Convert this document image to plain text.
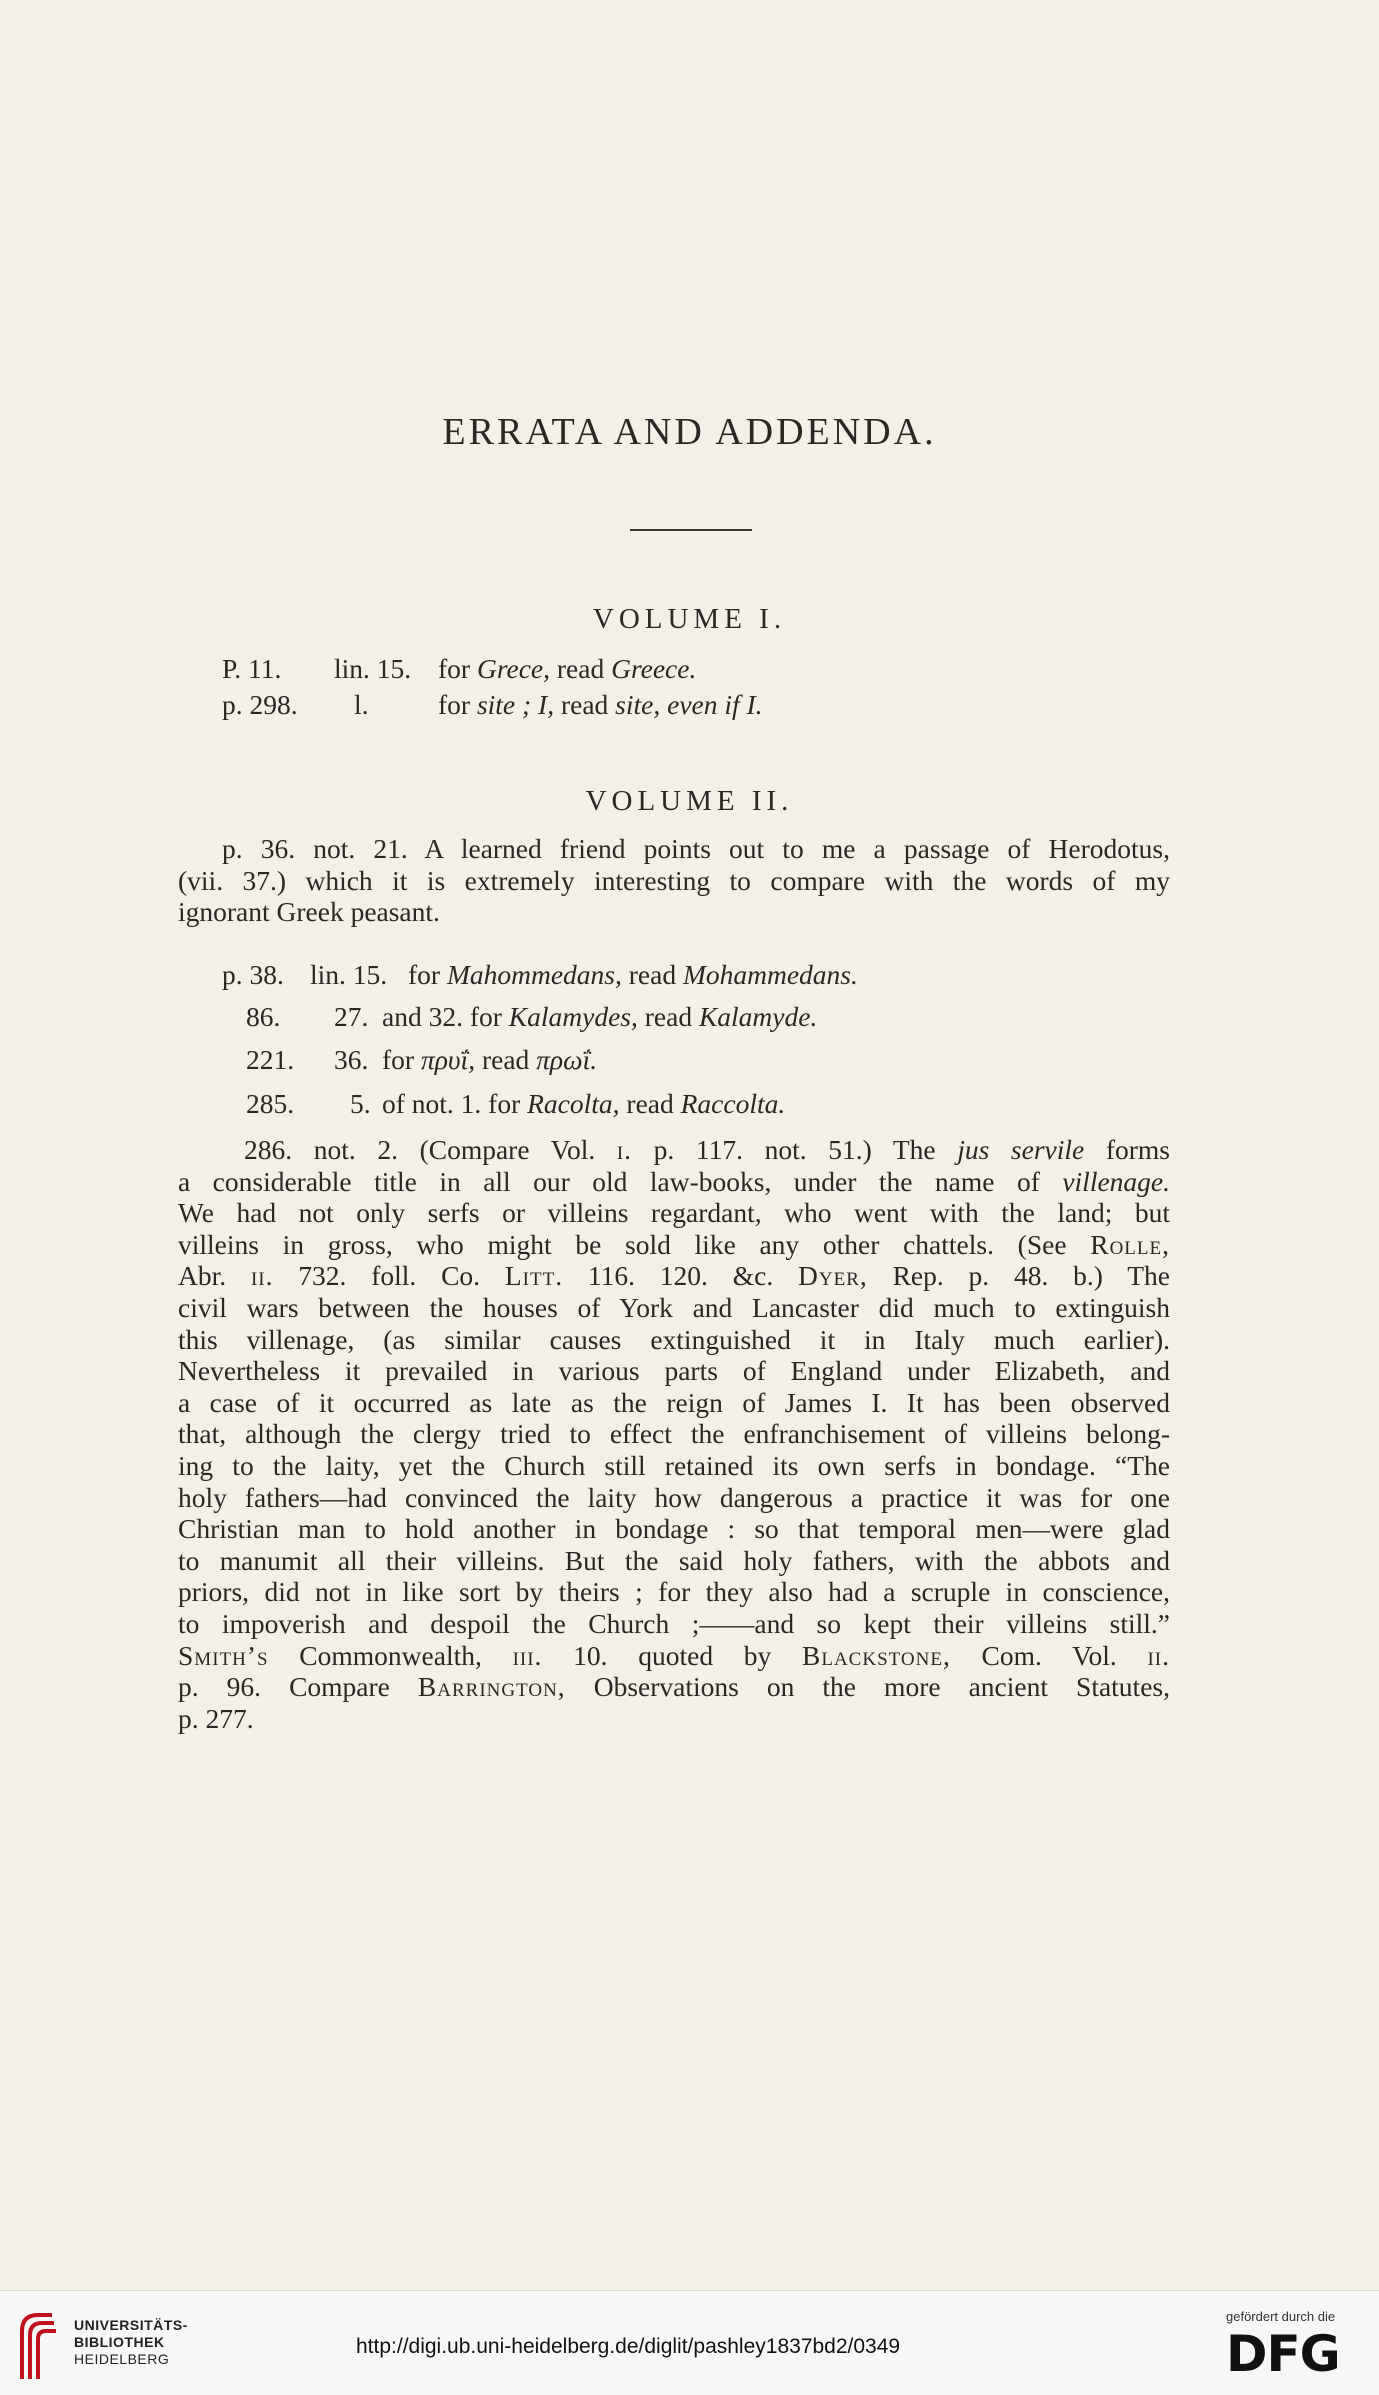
ERRATA AND ADDENDA.
VOLUME I.
P. 11. lin. 15. for Grece, read Greece.
p. 298. l.	for site ; I, read site, even if I.
VOLUME II.
p. 36. not. 21. A learned friend points out to me a passage of Herodotus,
(vii. 37.) which it is extremely interesting to compare with the words of my
ignorant Greek peasant.
p. 38. lin. 15. for Mahommedans, read Mohammedans.
86. 27. and 32. for Kalamydes, read Kalamyde.
221. 36. for πρυΐ, read πρωΐ.
285. 5. of not. 1. for Racolta, read Raccolta.
286. not. 2. (Compare Vol. i. p. 117. not. 51.) The jus servile forms
a considerable title in all our old law-books, under the name of villenage.
We had not only serfs or villeins regardant, who went with the land; but
villeins in gross, who might be sold like any other chattels. (See Rolle,
Abr. ii. 732. foll. Co. Litt. 116. 120. &c. Dyer, Rep. p. 48. b.) The
civil wars between the houses of York and Lancaster did much to extinguish
this villenage, (as similar causes extinguished it in Italy much earlier).
Nevertheless it prevailed in various parts of England under Elizabeth, and
a case of it occurred as late as the reign of James I. It has been observed
that, although the clergy tried to effect the enfranchisement of villeins belong-
ing to the laity, yet the Church still retained its own serfs in bondage. “The
holy fathers—had convinced the laity how dangerous a practice it was for one
Christian man to hold another in bondage : so that temporal men—were glad
to manumit all their villeins. But the said holy fathers, with the abbots and
priors, did not in like sort by theirs ; for they also had a scruple in conscience,
to impoverish and despoil the Church ;——and so kept their villeins still.”
Smith’s Commonwealth, iii. 10. quoted by Blackstone, Com. Vol. ii.
p. 96. Compare Barrington, Observations on the more ancient Statutes,
p. 277.
UNIVERSITÄTS-
BIBLIOTHEK
HEIDELBERG
http://digi.ub.uni-heidelberg.de/diglit/pashley1837bd2/0349
gefördert durch die
DFG
